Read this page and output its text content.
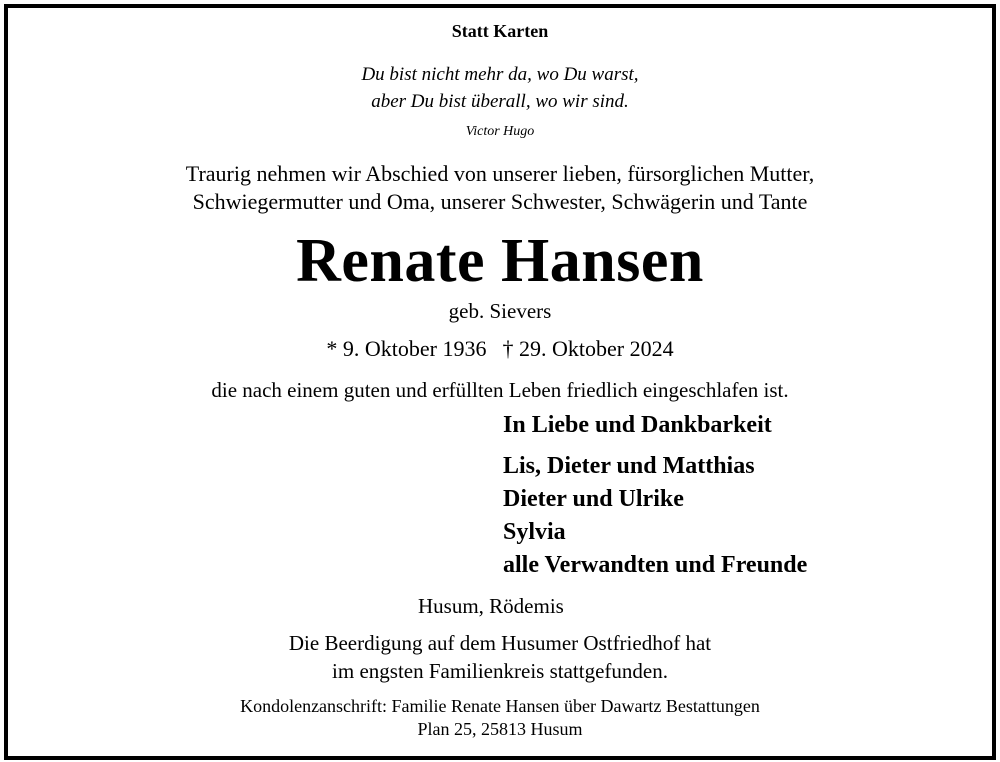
Statt Karten
Du bist nicht mehr da, wo Du warst,
aber Du bist überall, wo wir sind.
Victor Hugo
Traurig nehmen wir Abschied von unserer lieben, fürsorglichen Mutter,
Schwiegermutter und Oma, unserer Schwester, Schwägerin und Tante
Renate Hansen
geb. Sievers
* 9. Oktober 1936 † 29. Oktober 2024
die nach einem guten und erfüllten Leben friedlich eingeschlafen ist.
In Liebe und Dankbarkeit
Lis, Dieter und Matthias
Dieter und Ulrike
Sylvia
alle Verwandten und Freunde
Husum, Rödemis
Die Beerdigung auf dem Husumer Ostfriedhof hat
im engsten Familienkreis stattgefunden.
Kondolenzanschrift: Familie Renate Hansen über Dawartz Bestattungen
Plan 25, 25813 Husum
